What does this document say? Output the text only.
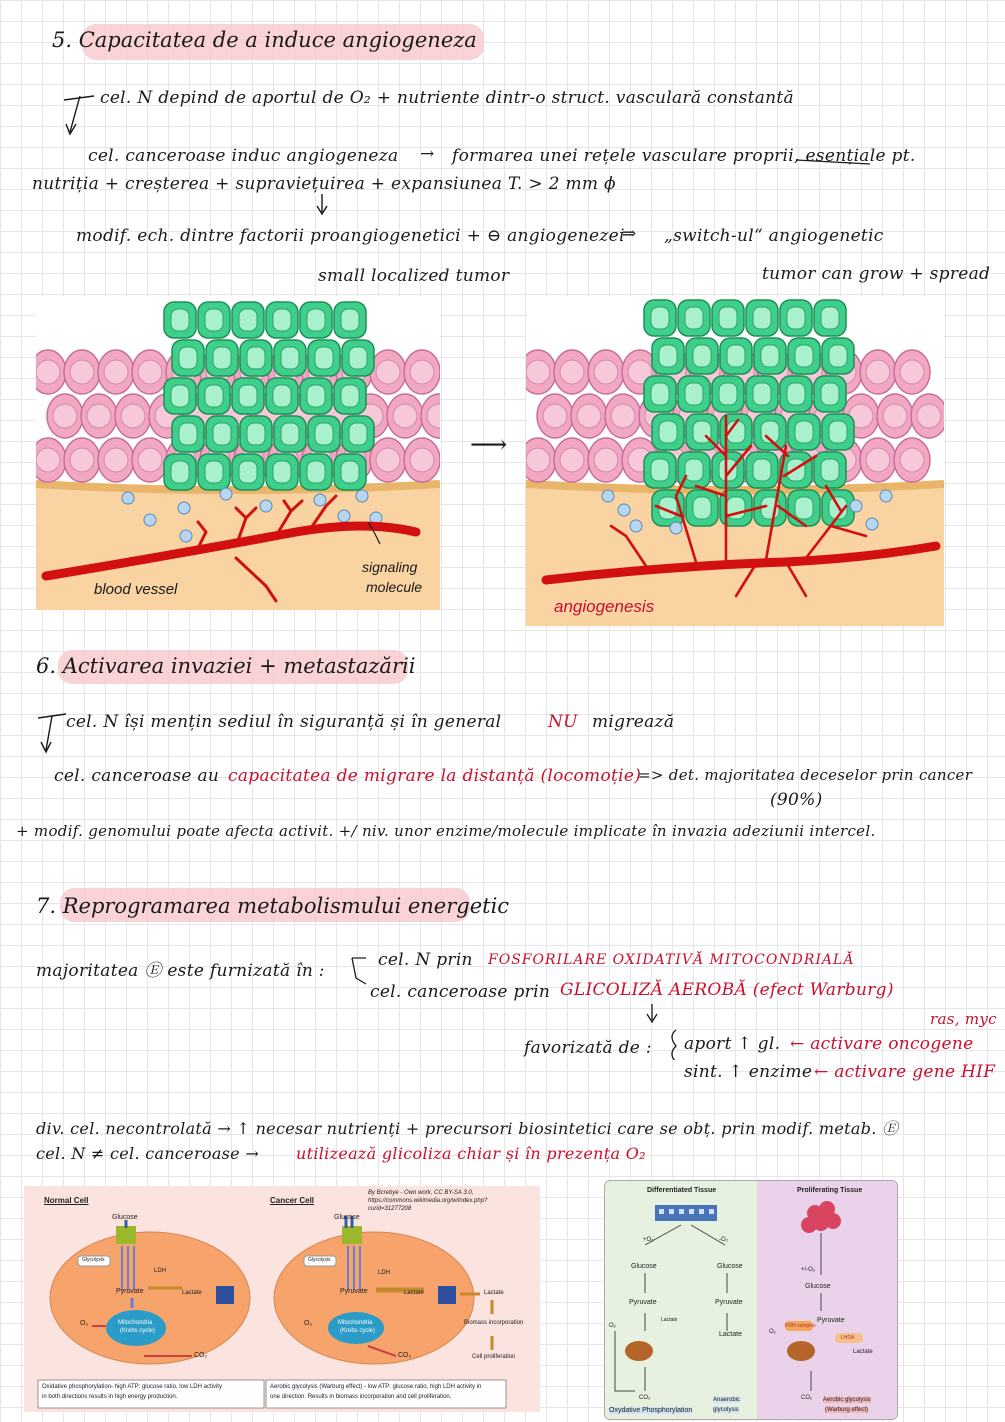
5. Capacitatea de a induce angiogeneza
cel. N depind de aportul de O₂ + nutriente dintr-o struct. vasculară constantă
cel. canceroase induc angiogeneza → formarea unei rețele vasculare proprii, esențiale pt.
nutriția + creșterea + supraviețuirea + expansiunea T. > 2 mm ϕ
modif. ech. dintre factorii proangiogenetici + ⊖ angiogenezei
⇒ „switch-ul“ angiogenetic
small localized tumor	tumor can grow + spread
blood vessel
signaling
molecule
⟶
angiogenesis
6. Activarea invaziei + metastazării
cel. N își mențin sediul în siguranță și în general	NU migrează
cel. canceroase au capacitatea de migrare la distanță (locomoție)
=> det. majoritatea deceselor prin cancer
(90%)
+ modif. genomului poate afecta activit. +/ niv. unor enzime/molecule implicate în invazia adeziunii intercel.
7. Reprogramarea metabolismului energetic
majoritatea Ⓔ este furnizată în :
cel. N prin FOSFORILARE OXIDATIVĂ MITOCONDRIALĂ
cel. canceroase prin GLICOLIZĂ AEROBĂ (efect Warburg)
favorizată de : aport ↑ gl. ← activare oncogene
ras, myc
sint. ↑ enzime ← activare gene HIF
div. cel. necontrolată → ↑ necesar nutrienți + precursori biosintetici care se obț. prin modif. metab. Ⓔ
cel. N ≠ cel. canceroase → utilizează glicoliza chiar și în prezența O₂
Normal Cell	Cancer Cell
By Bcrebye - Own work, CC BY-SA 3.0,
https://commons.wikimedia.org/w/index.php?
curid=31277208
Glucose
Glycolysis
LDH
Pyruvate	Lactate
Mitochondria
(Krebs cycle)
O₂
CO₂
Glucose
Glycolysis
LDH
Pyruvate	Lactate	Lactate
Mitochondria
(Krebs cycle)
O₂
CO₂
Biomass incorporation
Cell proliferation
Oxidative phosphorylation- high ATP: glucose ratio, low LDH activity
in both directions results in high energy production.
Aerobic glycolysis (Warburg effect) - low ATP: glucose ratio, high LDH activity in
one direction. Results in biomass incorporation and cell proliferation.
Differentiated Tissue	Proliferating Tissue
+O₂	-O₂
+/-O₂
Glucose	Glucose
Glucose
Pyruvate	Pyruvate
Pyruvate
Lactate
Lactate
Lactate
PDH complex
LHDA
O₂
O₂
CO₂	CO₂
Oxydative Phosphorylation
Anaerobic
glycolysis
Aerobic glycolysis
(Warburg effect)
